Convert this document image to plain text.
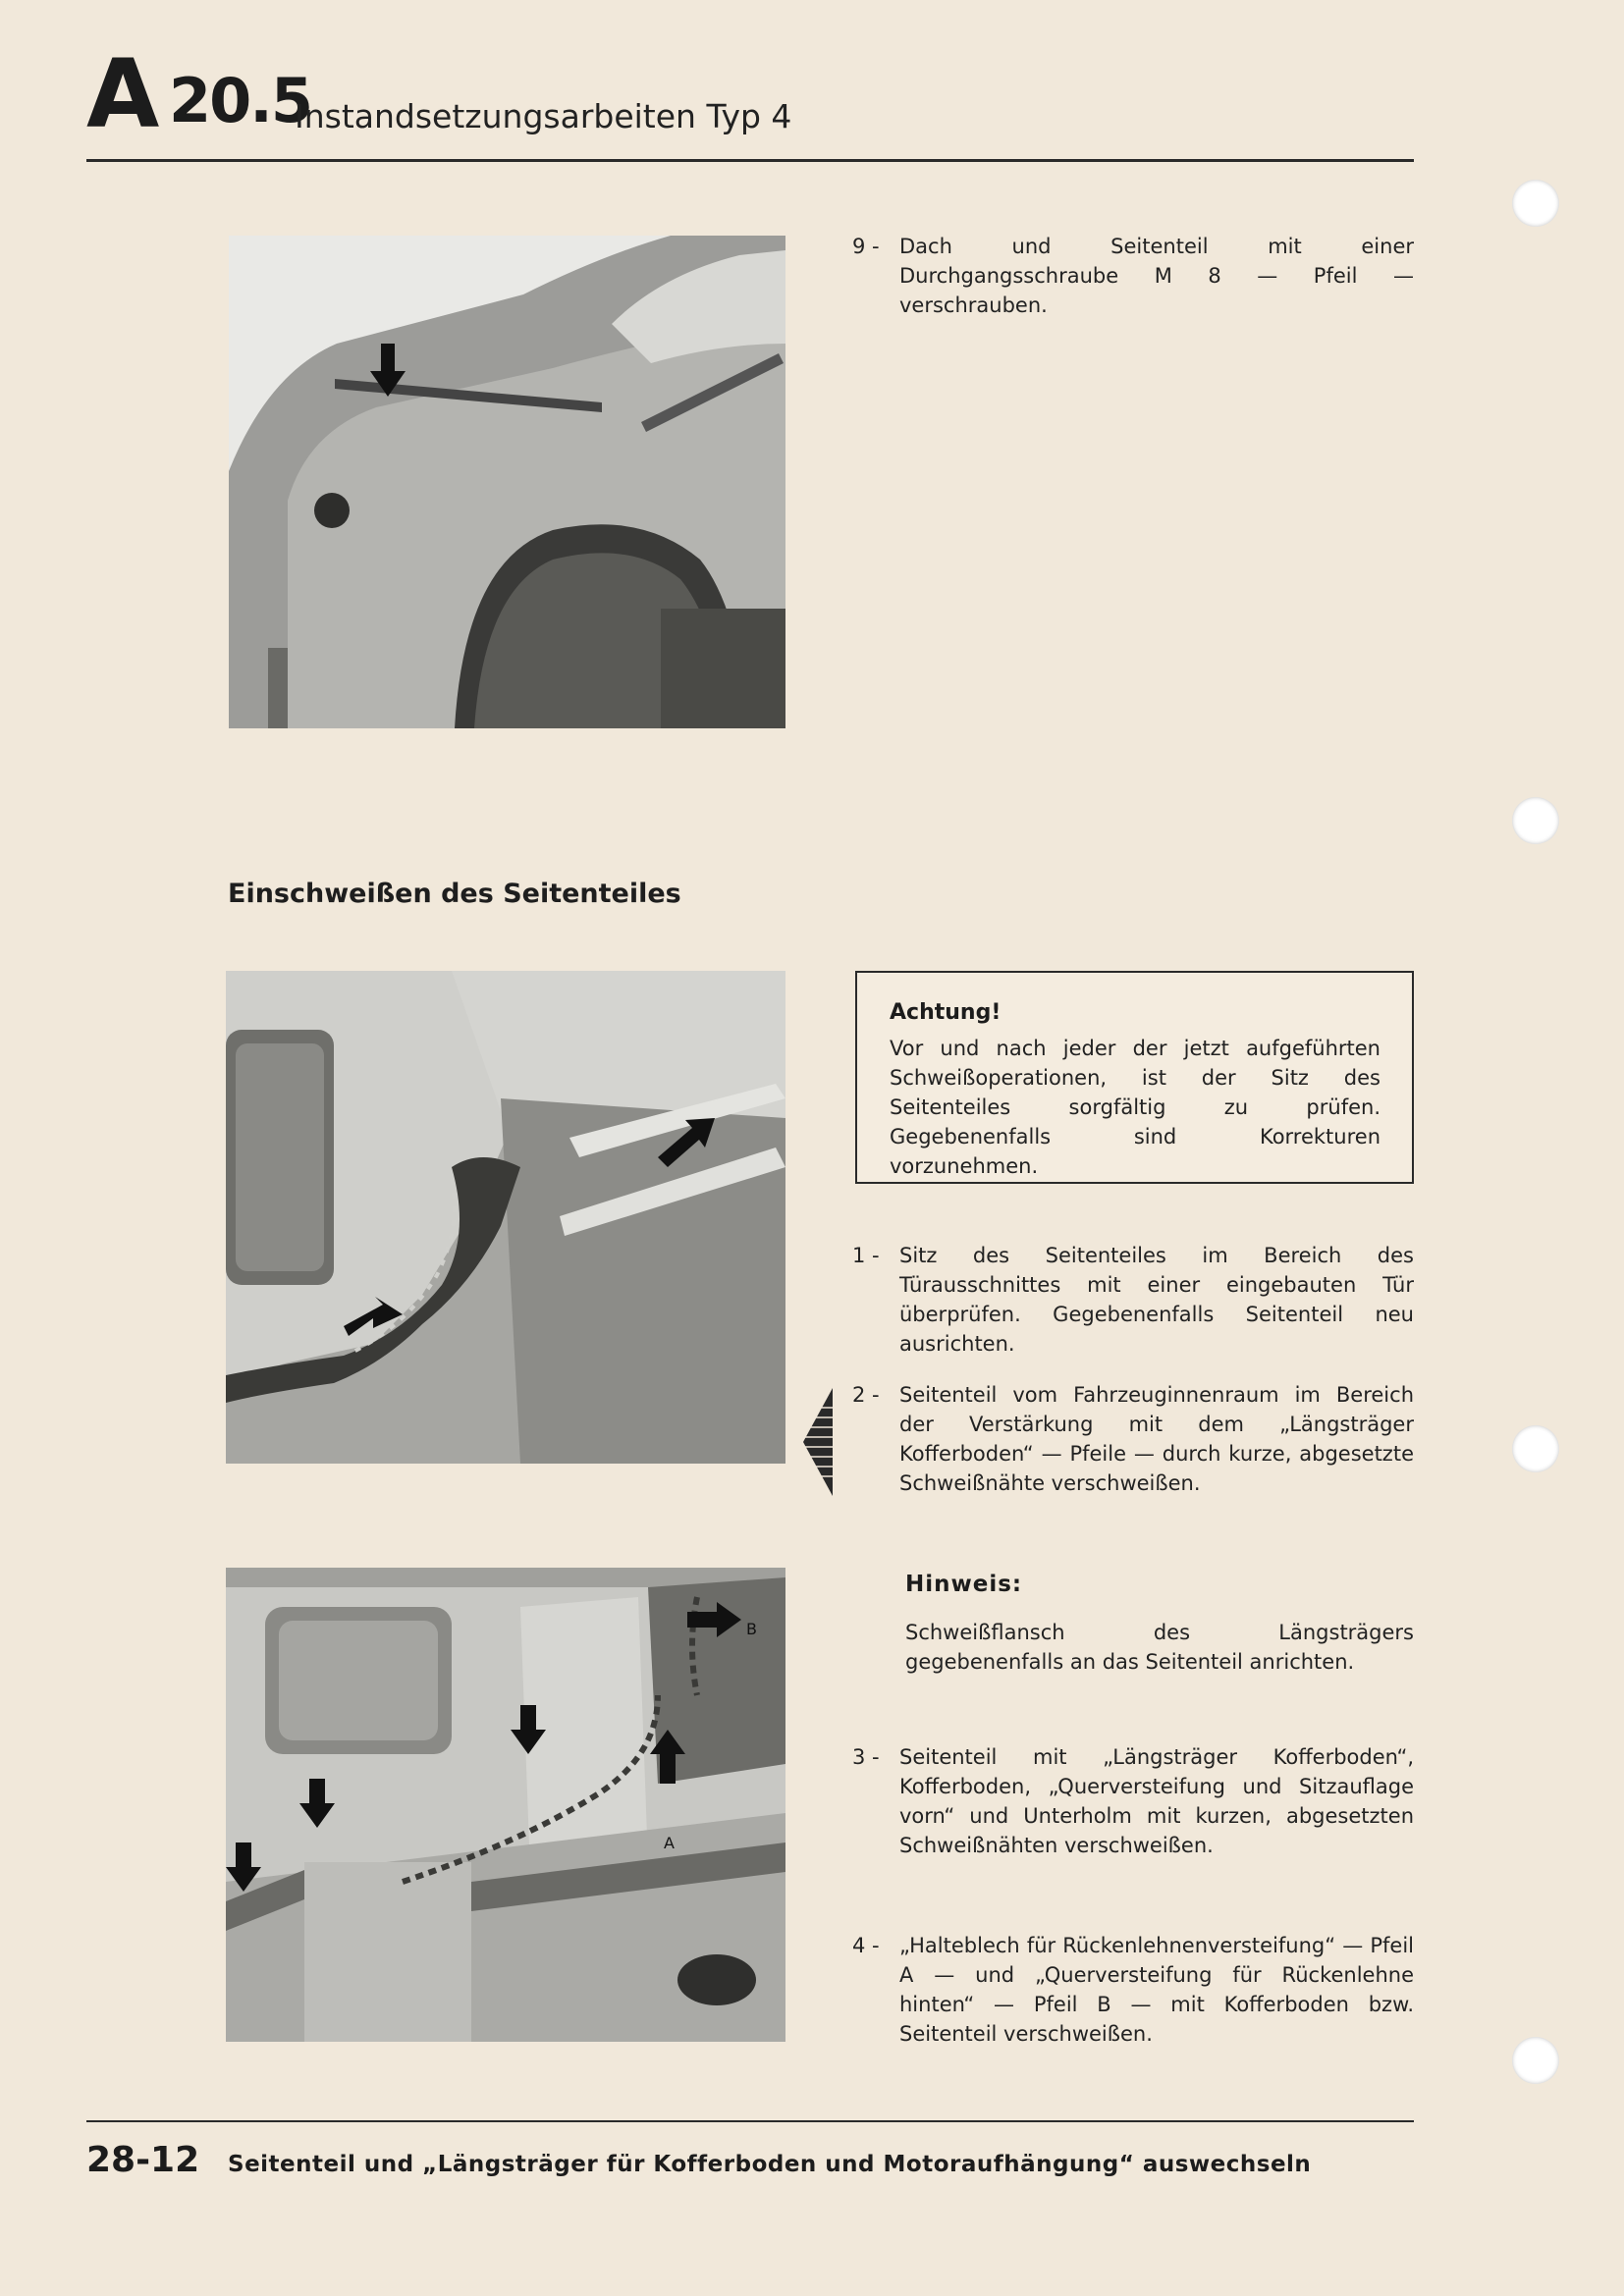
A 20.5
Instandsetzungsarbeiten Typ 4
9 - Dach und Seitenteil mit einer Durchgangsschraube M 8 — Pfeil — verschrauben.
Einschweißen des Seitenteiles
Achtung!
Vor und nach jeder der jetzt aufgeführten Schweißoperationen, ist der Sitz des Seitenteiles sorgfältig zu prüfen. Gegebenenfalls sind Korrekturen vorzunehmen.
1 - Sitz des Seitenteiles im Bereich des Türausschnittes mit einer eingebauten Tür überprüfen. Gegebenenfalls Seitenteil neu ausrichten.
2 - Seitenteil vom Fahrzeuginnenraum im Bereich der Verstärkung mit dem „Längsträger Kofferboden“ — Pfeile — durch kurze, abgesetzte Schweißnähte verschweißen.
Hinweis:
Schweißflansch des Längsträgers gegebenenfalls an das Seitenteil anrichten.
A
B
3 - Seitenteil mit „Längsträger Kofferboden“, Kofferboden, „Querversteifung und Sitzauflage vorn“ und Unterholm mit kurzen, abgesetzten Schweißnähten verschweißen.
4 - „Halteblech für Rückenlehnenversteifung“ — Pfeil A — und „Querversteifung für Rückenlehne hinten“ — Pfeil B — mit Kofferboden bzw. Seitenteil verschweißen.
28-12 Seitenteil und „Längsträger für Kofferboden und Motoraufhängung“ auswechseln
